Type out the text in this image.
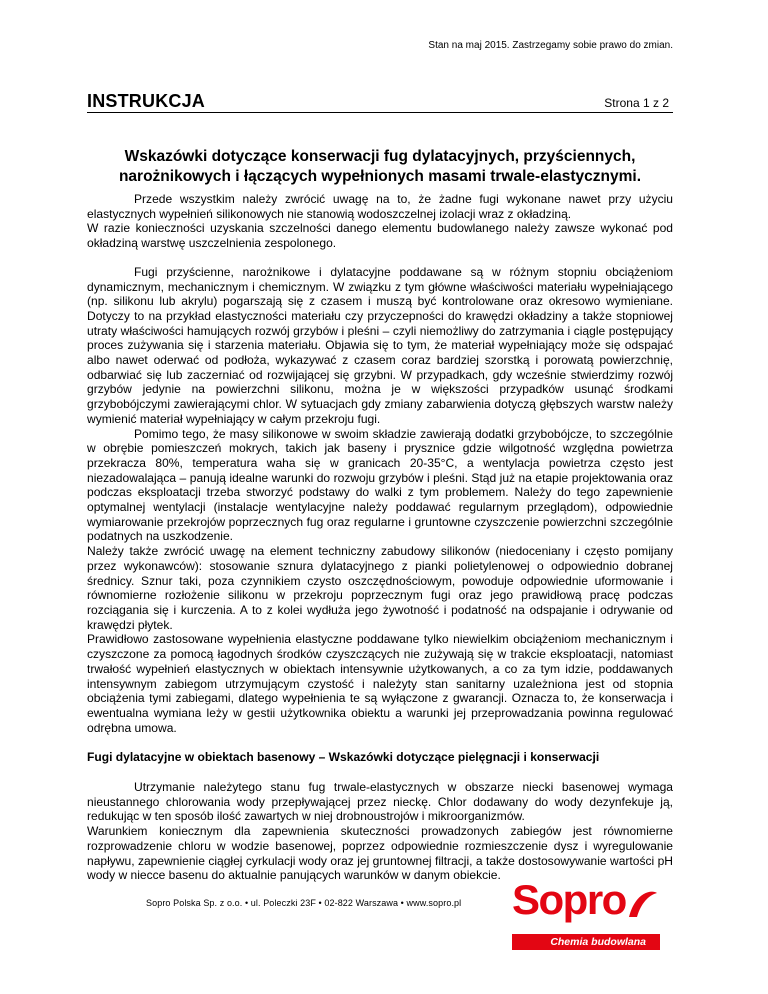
Stan na maj 2015. Zastrzegamy sobie prawo do zmian.
INSTRUKCJA	Strona 1 z 2
Wskazówki dotyczące konserwacji fug dylatacyjnych, przyściennych,
narożnikowych i łączących wypełnionych masami trwale-elastycznymi.

Przede wszystkim należy zwrócić uwagę na to, że żadne fugi wykonane nawet przy użyciu elastycznych wypełnień silikonowych nie stanowią wodoszczelnej izolacji wraz z okładziną.

W razie konieczności uzyskania szczelności danego elementu budowlanego należy zawsze wykonać pod okładziną warstwę uszczelnienia zespolonego.

Fugi przyścienne, narożnikowe i dylatacyjne poddawane są w różnym stopniu obciążeniom dynamicznym, mechanicznym i chemicznym. W związku z tym główne właściwości materiału wypełniającego (np. silikonu lub akrylu) pogarszają się z czasem i muszą być kontrolowane oraz okresowo wymieniane. Dotyczy to na przykład elastyczności materiału czy przyczepności do krawędzi okładziny a także stopniowej utraty właściwości hamujących rozwój grzybów i pleśni – czyli niemożliwy do zatrzymania i ciągle postępujący proces zużywania się i starzenia materiału. Objawia się to tym, że materiał wypełniający może się odspajać albo nawet oderwać od podłoża, wykazywać z czasem coraz bardziej szorstką i porowatą powierzchnię, odbarwiać się lub zaczerniać od rozwijającej się grzybni. W przypadkach, gdy wcześnie stwierdzimy rozwój grzybów jedynie na powierzchni silikonu, można je w większości przypadków usunąć środkami grzybobójczymi zawierającymi chlor. W sytuacjach gdy zmiany zabarwienia dotyczą głębszych warstw należy wymienić materiał wypełniający w całym przekroju fugi.

Pomimo tego, że masy silikonowe w swoim składzie zawierają dodatki grzybobójcze, to szczególnie w obrębie pomieszczeń mokrych, takich jak baseny i prysznice gdzie wilgotność względna powietrza przekracza 80%, temperatura waha się w granicach 20-35°C, a wentylacja powietrza często jest niezadowalająca – panują idealne warunki do rozwoju grzybów i pleśni. Stąd już na etapie projektowania oraz podczas eksploatacji trzeba stworzyć podstawy do walki z tym problemem. Należy do tego zapewnienie optymalnej wentylacji (instalacje wentylacyjne należy poddawać regularnym przeglądom), odpowiednie wymiarowanie przekrojów poprzecznych fug oraz regularne i gruntowne czyszczenie powierzchni szczególnie podatnych na uszkodzenie.

Należy także zwrócić uwagę na element techniczny zabudowy silikonów (niedoceniany i często pomijany przez wykonawców): stosowanie sznura dylatacyjnego z pianki polietylenowej o odpowiednio dobranej średnicy. Sznur taki, poza czynnikiem czysto oszczędnościowym, powoduje odpowiednie uformowanie i równomierne rozłożenie silikonu w przekroju poprzecznym fugi oraz jego prawidłową pracę podczas rozciągania się i kurczenia. A to z kolei wydłuża jego żywotność i podatność na odspajanie i odrywanie od krawędzi płytek.

Prawidłowo zastosowane wypełnienia elastyczne poddawane tylko niewielkim obciążeniom mechanicznym i czyszczone za pomocą łagodnych środków czyszczących nie zużywają się w trakcie eksploatacji, natomiast trwałość wypełnień elastycznych w obiektach intensywnie użytkowanych, a co za tym idzie, poddawanych intensywnym zabiegom utrzymującym czystość i należyty stan sanitarny uzależniona jest od stopnia obciążenia tymi zabiegami, dlatego wypełnienia te są wyłączone z gwarancji. Oznacza to, że konserwacja i ewentualna wymiana leży w gestii użytkownika obiektu a warunki jej przeprowadzania powinna regulować odrębna umowa.

Fugi dylatacyjne w obiektach basenowy – Wskazówki dotyczące pielęgnacji i konserwacji

Utrzymanie należytego stanu fug trwale-elastycznych w obszarze niecki basenowej wymaga nieustannego chlorowania wody przepływającej przez nieckę. Chlor dodawany do wody dezynfekuje ją, redukując w ten sposób ilość zawartych w niej drobnoustrojów i mikroorganizmów.

Warunkiem koniecznym dla zapewnienia skuteczności prowadzonych zabiegów jest równomierne rozprowadzenie chloru w wodzie basenowej, poprzez odpowiednie rozmieszczenie dysz i wyregulowanie napływu, zapewnienie ciągłej cyrkulacji wody oraz jej gruntownej filtracji, a także dostosowywanie wartości pH wody w niecce basenu do aktualnie panujących warunków w danym obiekcie.

Sopro Polska Sp. z o.o. • ul. Poleczki 23F • 02-822 Warszawa • www.sopro.pl Sopro
Chemia budowlana
